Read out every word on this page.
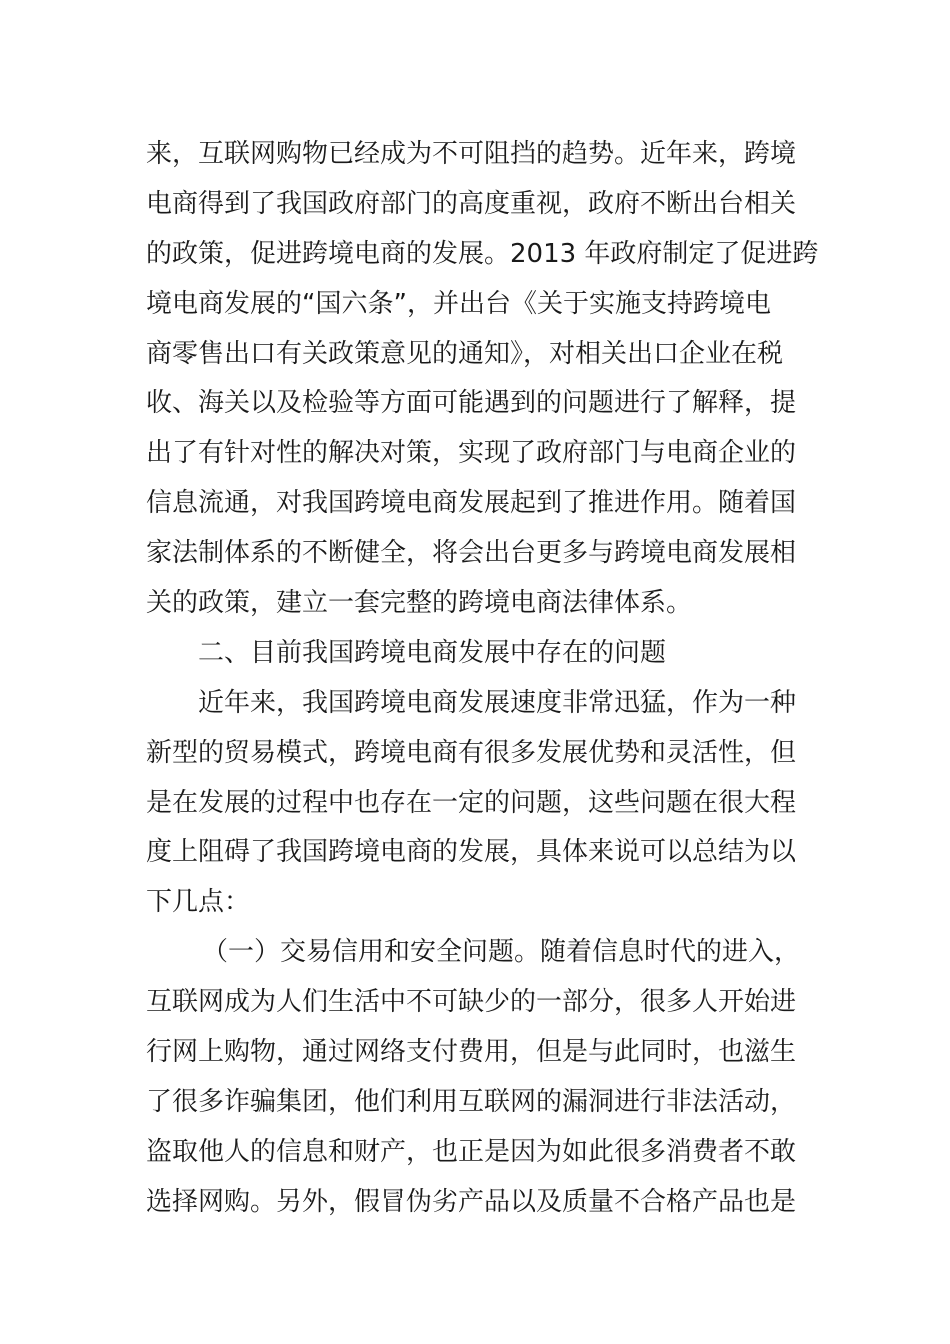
来，互联网购物已经成为不可阻挡的趋势。近年来，跨境
电商得到了我国政府部门的高度重视，政府不断出台相关
的政策，促进跨境电商的发展。2013 年政府制定了促进跨
境电商发展的“国六条”，并出台《关于实施支持跨境电
商零售出口有关政策意见的通知》，对相关出口企业在税
收、海关以及检验等方面可能遇到的问题进行了解释，提
出了有针对性的解决对策，实现了政府部门与电商企业的
信息流通，对我国跨境电商发展起到了推进作用。随着国
家法制体系的不断健全，将会出台更多与跨境电商发展相
关的政策，建立一套完整的跨境电商法律体系。
二、目前我国跨境电商发展中存在的问题
近年来，我国跨境电商发展速度非常迅猛，作为一种
新型的贸易模式，跨境电商有很多发展优势和灵活性，但
是在发展的过程中也存在一定的问题，这些问题在很大程
度上阻碍了我国跨境电商的发展，具体来说可以总结为以
下几点：
（一）交易信用和安全问题。随着信息时代的进入，
互联网成为人们生活中不可缺少的一部分，很多人开始进
行网上购物，通过网络支付费用，但是与此同时，也滋生
了很多诈骗集团，他们利用互联网的漏洞进行非法活动，
盗取他人的信息和财产，也正是因为如此很多消费者不敢
选择网购。另外，假冒伪劣产品以及质量不合格产品也是
